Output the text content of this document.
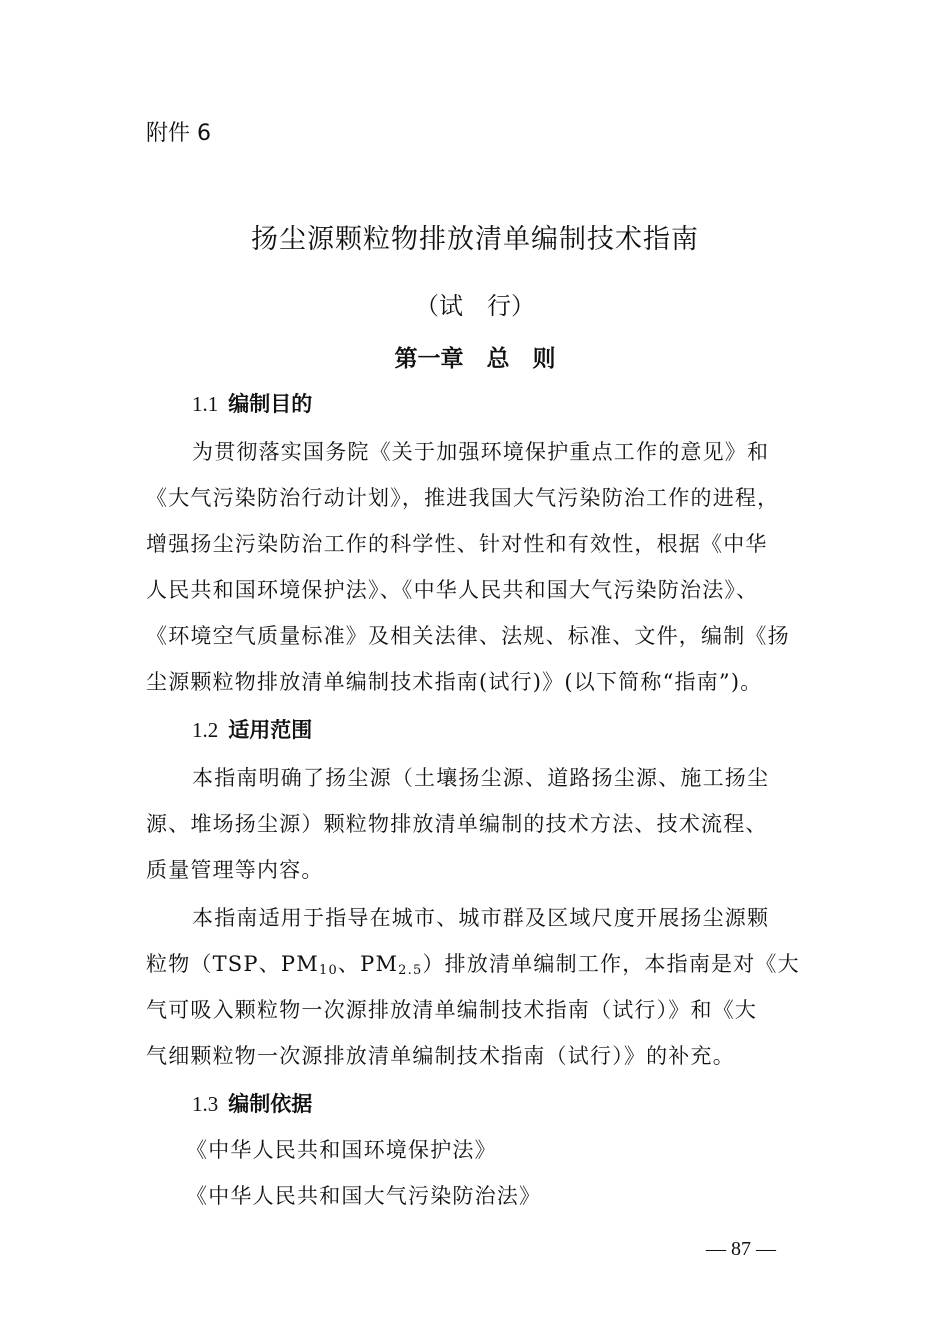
附件 6
扬尘源颗粒物排放清单编制技术指南
（试　行）
第一章　总　则
1.1 编制目的
为贯彻落实国务院《关于加强环境保护重点工作的意见》和
《大气污染防治行动计划》，推进我国大气污染防治工作的进程，
增强扬尘污染防治工作的科学性、针对性和有效性，根据《中华
人民共和国环境保护法》、《中华人民共和国大气污染防治法》、
《环境空气质量标准》及相关法律、法规、标准、文件，编制《扬
尘源颗粒物排放清单编制技术指南(试行)》(以下简称“指南”)。
1.2 适用范围
本指南明确了扬尘源（土壤扬尘源、道路扬尘源、施工扬尘
源、堆场扬尘源）颗粒物排放清单编制的技术方法、技术流程、
质量管理等内容。
本指南适用于指导在城市、城市群及区域尺度开展扬尘源颗
粒物（TSP、$PM_{10}$、$PM_{2.5}$）排放清单编制工作，本指南是对《大
气可吸入颗粒物一次源排放清单编制技术指南（试行）》和《大
气细颗粒物一次源排放清单编制技术指南（试行）》的补充。
1.3 编制依据
《中华人民共和国环境保护法》
《中华人民共和国大气污染防治法》
— 87 —
